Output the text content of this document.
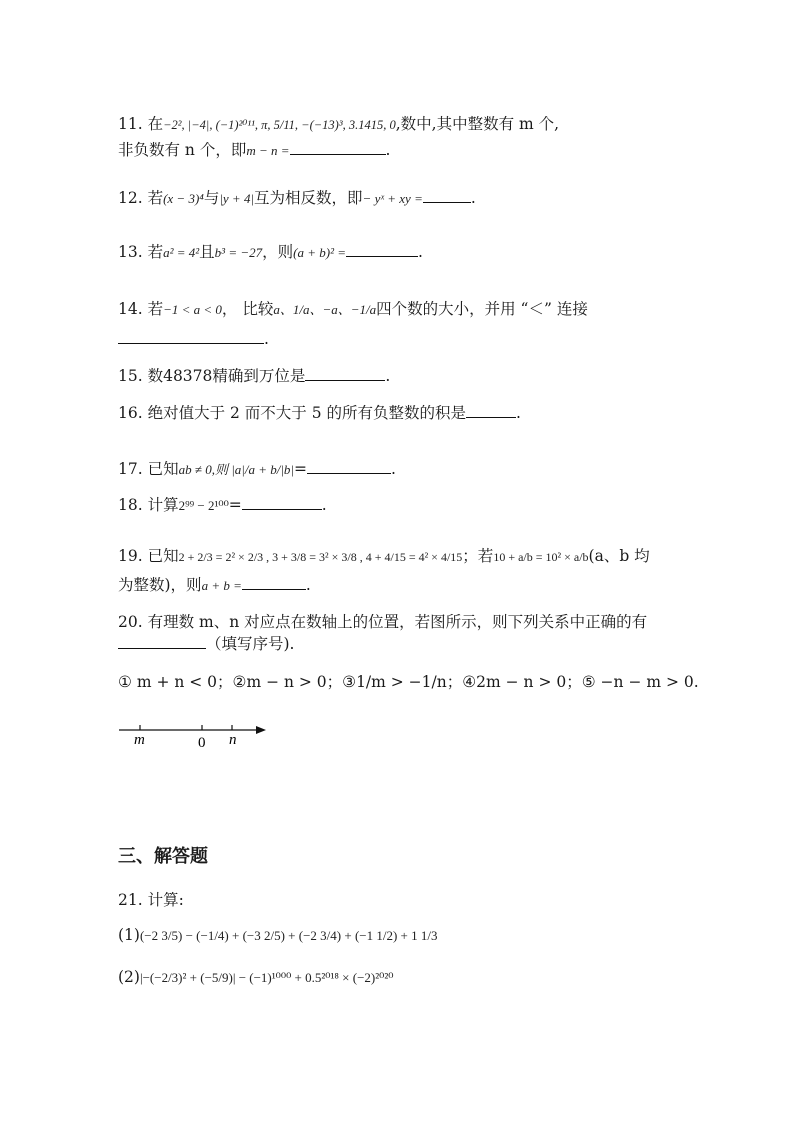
11. 在−2², |−4|, (−1)²⁰¹¹, π, 5/11, −(−13)³, 3.1415, 0,数中,其中整数有 m 个,
非负数有 n 个，即m − n =	.
12. 若(x − 3)⁴与|y + 4|互为相反数，即− yˣ + xy =	.
13. 若a² = 4²且b³ = −27，则(a + b)² =	.
14. 若−1 < a < 0， 比较a、1/a、−a、−1/a四个数的大小，并用 “＜” 连接
.
15. 数48378精确到万位是	.
16. 绝对值大于 2 而不大于 5 的所有负整数的积是	.
17. 已知ab ≠ 0,则 |a|/a + b/|b|=	.
18. 计算2⁹⁹ − 2¹⁰⁰=	.
19. 已知2 + 2/3 = 2² × 2/3 , 3 + 3/8 = 3² × 3/8 , 4 + 4/15 = 4² × 4/15；若10 + a/b = 10² × a/b(a、b 均
为整数)，则a + b =	.
20. 有理数 m、n 对应点在数轴上的位置，若图所示，则下列关系中正确的有
（填写序号).
① m + n < 0；②m − n > 0；③1/m > −1/n；④2m − n > 0；⑤ −n − m > 0.
m	0 n
三、解答题
21. 计算:
(1)(−2 3/5) − (−1/4) + (−3 2/5) + (−2 3/4) + (−1 1/2) + 1 1/3
(2)|−(−2/3)² + (−5/9)| − (−1)¹⁰⁰⁰ + 0.5²⁰¹⁸ × (−2)²⁰²⁰
